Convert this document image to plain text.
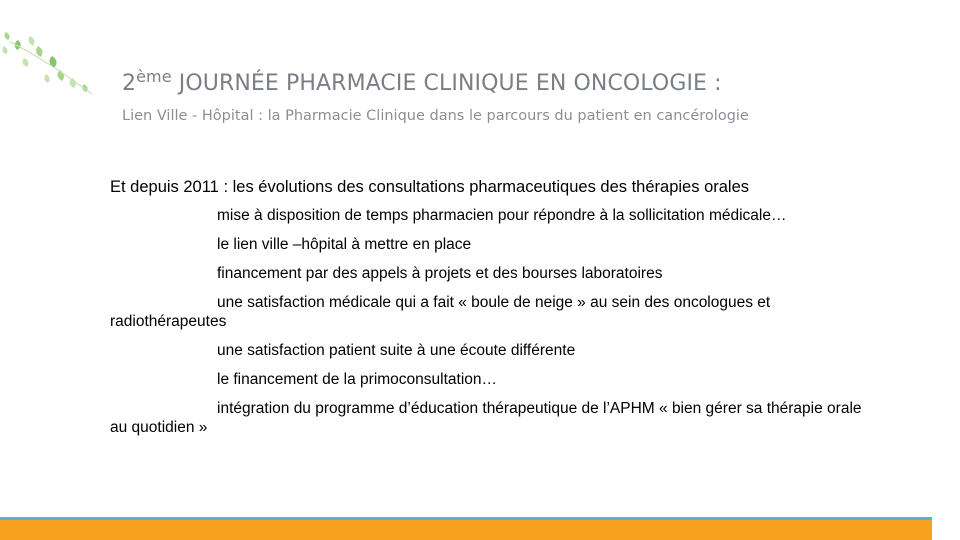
2ème JOURNÉE PHARMACIE CLINIQUE EN ONCOLOGIE :
Lien Ville - Hôpital : la Pharmacie Clinique dans le parcours du patient en cancérologie
Et depuis 2011 : les évolutions des consultations pharmaceutiques des thérapies orales
mise à disposition de temps pharmacien pour répondre à la sollicitation médicale…
le lien ville –hôpital à mettre en place
financement par des appels à projets et des bourses laboratoires
une satisfaction médicale qui a fait « boule de neige » au sein des oncologues et radiothérapeutes
une satisfaction patient suite à une écoute différente
le financement de la primoconsultation…
intégration du programme d’éducation thérapeutique de l’APHM « bien gérer sa thérapie orale au quotidien »
